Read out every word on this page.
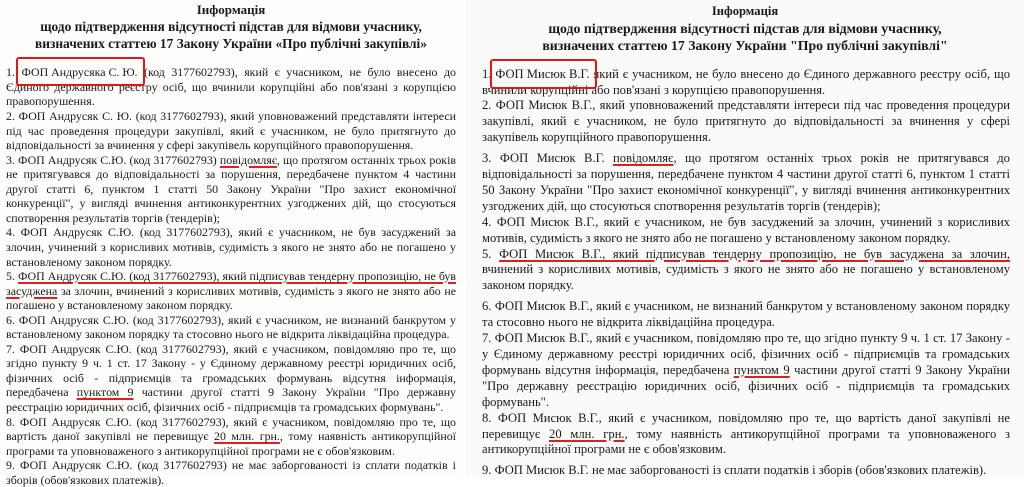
Інформація
щодо підтвердження відсутності підстав для відмови учаснику,
визначених статтею 17 Закону України «Про публічні закупівлі»
1. ФОП Андрусяка С. Ю. (код 3177602793), який є учасником, не було внесено до Єдиного державного реєстру осіб, що вчинили корупційні або пов'язані з корупцією правопорушення.
2. ФОП Андрусяк С. Ю. (код 3177602793), який уповноважений представляти інтереси під час проведення процедури закупівлі, який є учасником, не було притягнуто до відповідальності за вчинення у сфері закупівель корупційного правопорушення.
3. ФОП Андрусяк С.Ю. (код 3177602793) повідомляє, що протягом останніх трьох років не притягувався до відповідальності за порушення, передбачене пунктом 4 частини другої статті 6, пунктом 1 статті 50 Закону України "Про захист економічної конкуренції", у вигляді вчинення антиконкурентних узгоджених дій, що стосуються спотворення результатів торгів (тендерів);
4. ФОП Андрусяк С.Ю. (код 3177602793), який є учасником, не був засуджений за злочин, учинений з корисливих мотивів, судимість з якого не знято або не погашено у встановленому законом порядку.
5. ФОП Андрусяк С.Ю. (код 3177602793), який підписував тендерну пропозицію, не був засуджена за злочин, вчинений з корисливих мотивів, судимість з якого не знято або не погашено у встановленому законом порядку.
6. ФОП Андрусяк С.Ю. (код 3177602793), який є учасником, не визнаний банкрутом у встановленому законом порядку та стосовно нього не відкрита ліквідаційна процедура.
7. ФОП Андрусяк С.Ю. (код 3177602793), який є учасником, повідомляю про те, що згідно пункту 9 ч. 1 ст. 17 Закону - у Єдиному державному реєстрі юридичних осіб, фізичних осіб - підприємців та громадських формувань відсутня інформація, передбачена пунктом 9 частини другої статті 9 Закону України "Про державну реєстрацію юридичних осіб, фізичних осіб - підприємців та громадських формувань".
8. ФОП Андрусяк С.Ю. (код 3177602793), який є учасником, повідомляю про те, що вартість даної закупівлі не перевищує 20 млн. грн., тому наявність антикорупційної програми та уповноваженого з антикорупційної програми не є обов'язковим.
9. ФОП Андрусяк С.Ю. (код 3177602793) не має заборгованості із сплати податків і зборів (обов'язкових платежів).
Інформація
щодо підтвердження відсутності підстав для відмови учаснику,
визначених статтею 17 Закону України "Про публічні закупівлі"
1. ФОП Мисюк В.Г. який є учасником, не було внесено до Єдиного державного реєстру осіб, що вчинили корупційні або пов'язані з корупцією правопорушення.
2. ФОП Мисюк В.Г., який уповноважений представляти інтереси під час проведення процедури закупівлі, який є учасником, не було притягнуто до відповідальності за вчинення у сфері закупівель корупційного правопорушення.
3. ФОП Мисюк В.Г. повідомляє, що протягом останніх трьох років не притягувався до відповідальності за порушення, передбачене пунктом 4 частини другої статті 6, пунктом 1 статті 50 Закону України "Про захист економічної конкуренції", у вигляді вчинення антиконкурентних узгоджених дій, що стосуються спотворення результатів торгів (тендерів);
4. ФОП Мисюк В.Г., який є учасником, не був засуджений за злочин, учинений з корисливих мотивів, судимість з якого не знято або не погашено у встановленому законом порядку.
5. ФОП Мисюк В.Г., який підписував тендерну пропозицію, не був засуджена за злочин, вчинений з корисливих мотивів, судимість з якого не знято або не погашено у встановленому законом порядку.
6. ФОП Мисюк В.Г., який є учасником, не визнаний банкрутом у встановленому законом порядку та стосовно нього не відкрита ліквідаційна процедура.
7. ФОП Мисюк В.Г., який є учасником, повідомляю про те, що згідно пункту 9 ч. 1 ст. 17 Закону - у Єдиному державному реєстрі юридичних осіб, фізичних осіб - підприємців та громадських формувань відсутня інформація, передбачена пунктом 9 частини другої статті 9 Закону України "Про державну реєстрацію юридичних осіб, фізичних осіб - підприємців та громадських формувань".
8. ФОП Мисюк В.Г., який є учасником, повідомляю про те, що вартість даної закупівлі не перевищує 20 млн. грн., тому наявність антикорупційної програми та уповноваженого з антикорупційної програми не є обов'язковим.
9. ФОП Мисюк В.Г. не має заборгованості із сплати податків і зборів (обов'язкових платежів).
